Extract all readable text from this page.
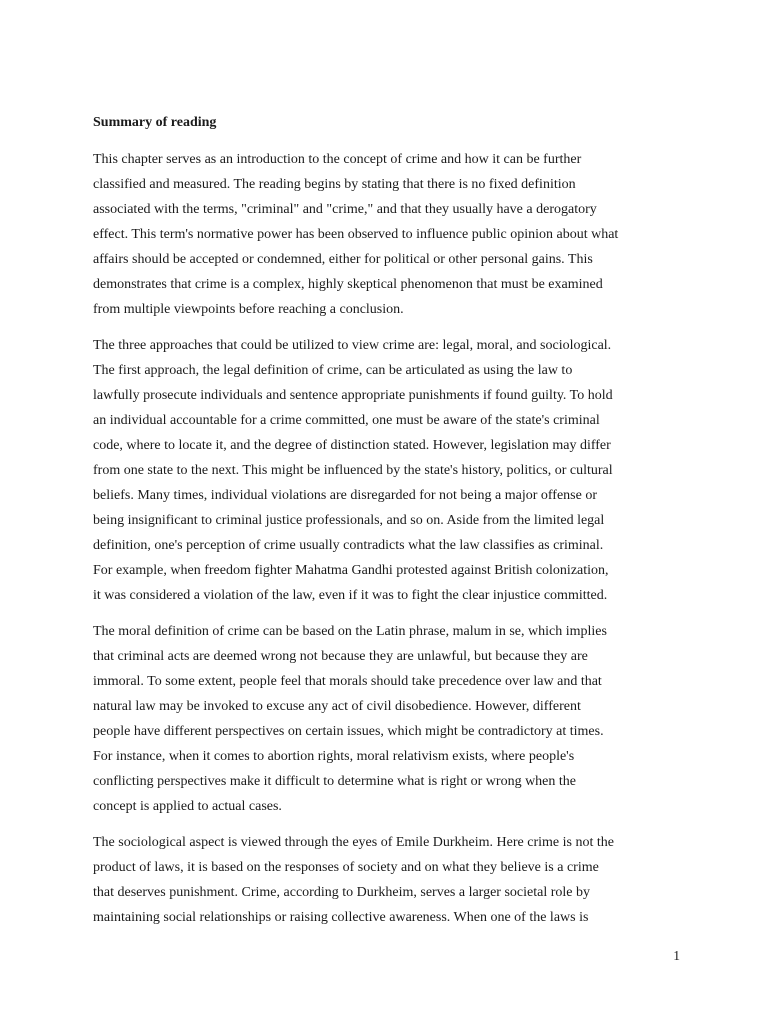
Summary of reading
This chapter serves as an introduction to the concept of crime and how it can be further
classified and measured. The reading begins by stating that there is no fixed definition
associated with the terms, "criminal" and "crime," and that they usually have a derogatory
effect. This term's normative power has been observed to influence public opinion about what
affairs should be accepted or condemned, either for political or other personal gains. This
demonstrates that crime is a complex, highly skeptical phenomenon that must be examined
from multiple viewpoints before reaching a conclusion.
The three approaches that could be utilized to view crime are: legal, moral, and sociological.
The first approach, the legal definition of crime, can be articulated as using the law to
lawfully prosecute individuals and sentence appropriate punishments if found guilty. To hold
an individual accountable for a crime committed, one must be aware of the state's criminal
code, where to locate it, and the degree of distinction stated. However, legislation may differ
from one state to the next. This might be influenced by the state's history, politics, or cultural
beliefs. Many times, individual violations are disregarded for not being a major offense or
being insignificant to criminal justice professionals, and so on. Aside from the limited legal
definition, one's perception of crime usually contradicts what the law classifies as criminal.
For example, when freedom fighter Mahatma Gandhi protested against British colonization,
it was considered a violation of the law, even if it was to fight the clear injustice committed.
The moral definition of crime can be based on the Latin phrase, malum in se, which implies
that criminal acts are deemed wrong not because they are unlawful, but because they are
immoral. To some extent, people feel that morals should take precedence over law and that
natural law may be invoked to excuse any act of civil disobedience. However, different
people have different perspectives on certain issues, which might be contradictory at times.
For instance, when it comes to abortion rights, moral relativism exists, where people's
conflicting perspectives make it difficult to determine what is right or wrong when the
concept is applied to actual cases.
The sociological aspect is viewed through the eyes of Emile Durkheim. Here crime is not the
product of laws, it is based on the responses of society and on what they believe is a crime
that deserves punishment. Crime, according to Durkheim, serves a larger societal role by
maintaining social relationships or raising collective awareness. When one of the laws is
1
